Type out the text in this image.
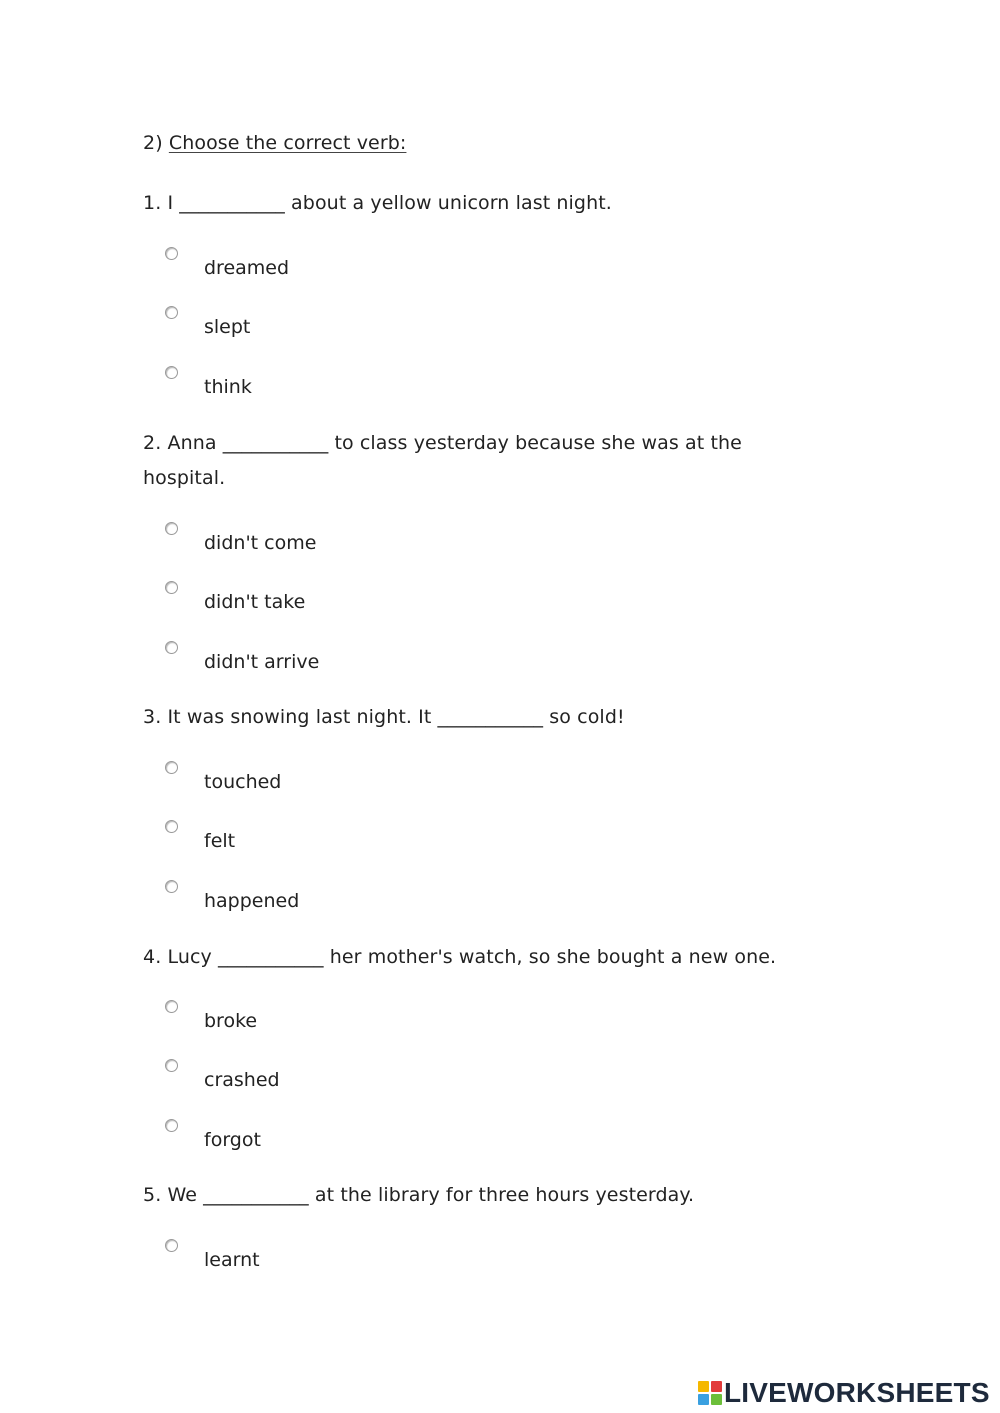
2) Choose the correct verb:
1. I ___________ about a yellow unicorn last night.
dreamed
slept
think
2. Anna ___________ to class yesterday because she was at the
hospital.
didn't come
didn't take
didn't arrive
3. It was snowing last night. It ___________ so cold!
touched
felt
happened
4. Lucy ___________ her mother's watch, so she bought a new one.
broke
crashed
forgot
5. We ___________ at the library for three hours yesterday.
learnt
LIVEWORKSHEETS
